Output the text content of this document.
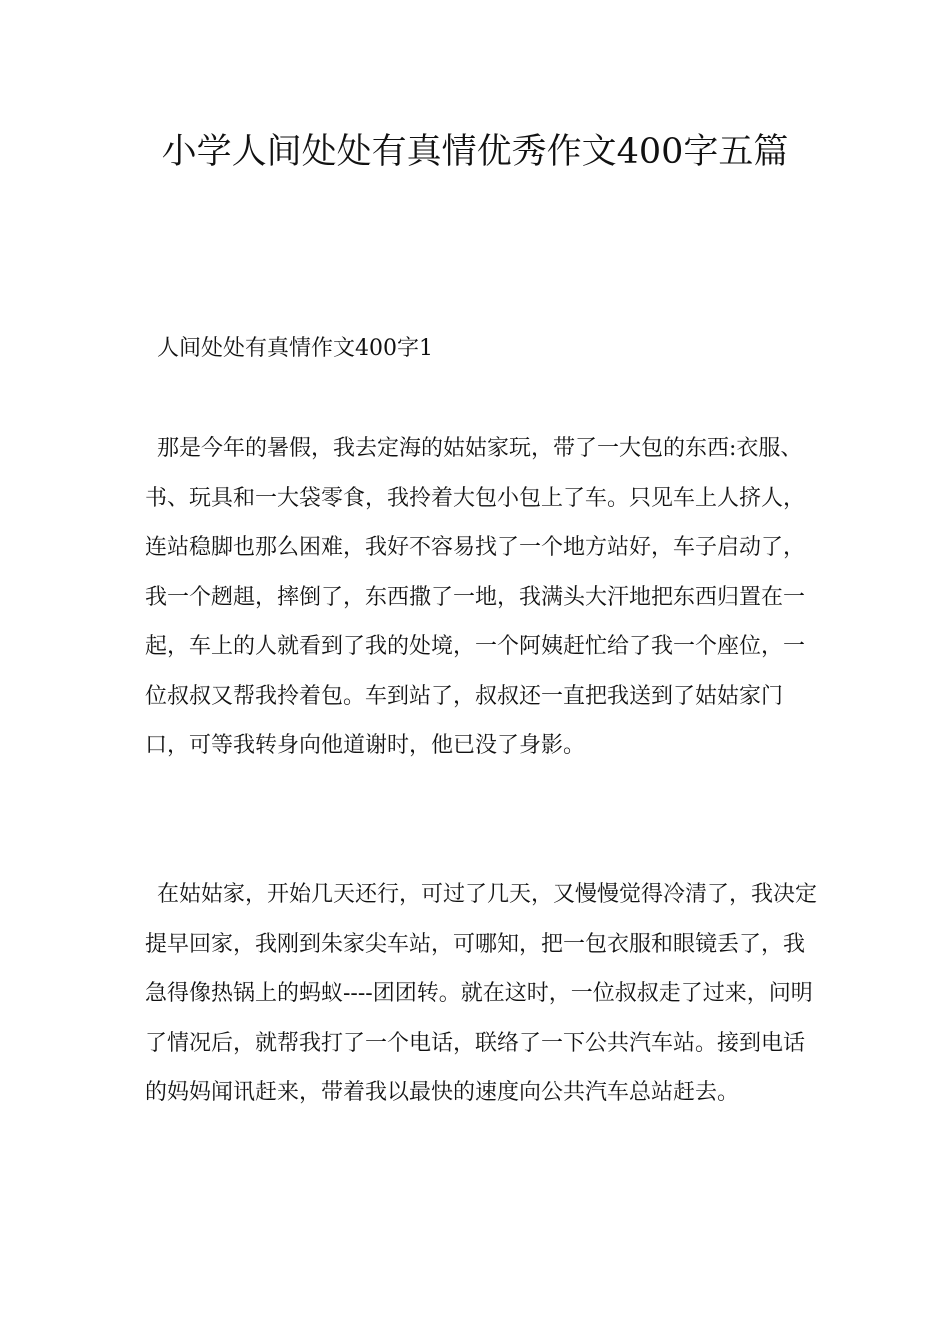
小学人间处处有真情优秀作文400字五篇

人间处处有真情作文400字1

那是今年的暑假，我去定海的姑姑家玩，带了一大包的东西:衣服、书、玩具和一大袋零食，我拎着大包小包上了车。只见车上人挤人，连站稳脚也那么困难，我好不容易找了一个地方站好，车子启动了，我一个趔趄，摔倒了，东西撒了一地，我满头大汗地把东西归置在一起，车上的人就看到了我的处境，一个阿姨赶忙给了我一个座位，一位叔叔又帮我拎着包。车到站了，叔叔还一直把我送到了姑姑家门口，可等我转身向他道谢时，他已没了身影。

在姑姑家，开始几天还行，可过了几天，又慢慢觉得冷清了，我决定提早回家，我刚到朱家尖车站，可哪知，把一包衣服和眼镜丢了，我急得像热锅上的蚂蚁----团团转。就在这时，一位叔叔走了过来，问明了情况后，就帮我打了一个电话，联络了一下公共汽车站。接到电话的妈妈闻讯赶来，带着我以最快的速度向公共汽车总站赶去。
